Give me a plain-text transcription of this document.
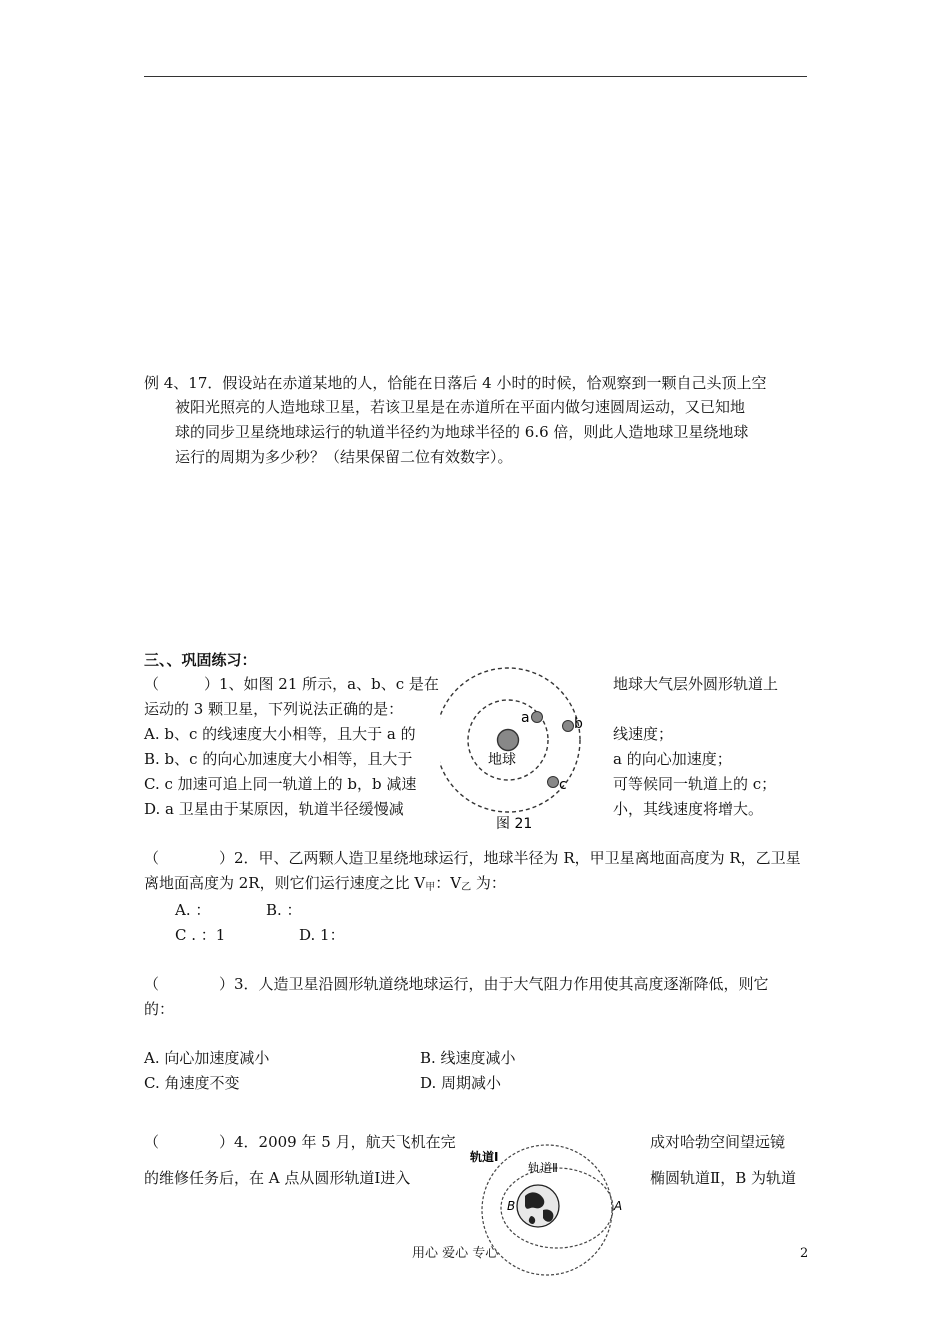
例 4、17．假设站在赤道某地的人，恰能在日落后 4 小时的时候，恰观察到一颗自己头顶上空
被阳光照亮的人造地球卫星，若该卫星是在赤道所在平面内做匀速圆周运动，又已知地
球的同步卫星绕地球运行的轨道半径约为地球半径的 6.6 倍，则此人造地球卫星绕地球
运行的周期为多少秒？（结果保留二位有效数字）。
三、、巩固练习：
（　　　）1、如图 21 所示，a、b、c 是在
运动的 3 颗卫星，下列说法正确的是：
A. b、c 的线速度大小相等，且大于 a 的
B. b、c 的向心加速度大小相等，且大于
C. c 加速可追上同一轨道上的 b，b 减速
D. a 卫星由于某原因，轨道半径缓慢减
地球大气层外圆形轨道上
线速度；
a 的向心加速度；
可等候同一轨道上的 c；
小，其线速度将增大。
地球
a	b
c
图 21
（　　　　）2．甲、乙两颗人造卫星绕地球运行，地球半径为 R，甲卫星离地面高度为 R，乙卫星
离地面高度为 2R，则它们运行速度之比 $V_甲$：$V_乙$ 为：
A. ：	B. ：
C . ：1	D. 1：
（　　　　）3．人造卫星沿圆形轨道绕地球运行，由于大气阻力作用使其高度逐渐降低，则它
的：
A. 向心加速度减小	B. 线速度减小
C. 角速度不变	D. 周期减小
（　　　　）4．2009 年 5 月，航天飞机在完	成对哈勃空间望远镜
的维修任务后，在 A 点从圆形轨道Ⅰ进入	椭圆轨道Ⅱ，B 为轨道
轨道Ⅰ
轨道Ⅱ
B	A
用心 爱心 专心	2
